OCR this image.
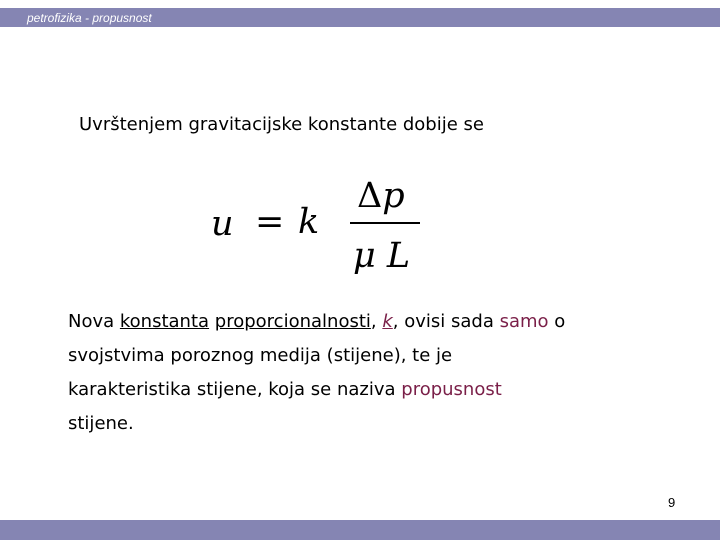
petrofizika - propusnost
Uvrštenjem gravitacijske konstante dobije se
u = k
Δp
μ L

Nova konstanta proporcionalnosti, k, ovisi sada samo o

svojstvima poroznog medija (stijene), te je

karakteristika stijene, koja se naziva propusnost

stijene.

9
